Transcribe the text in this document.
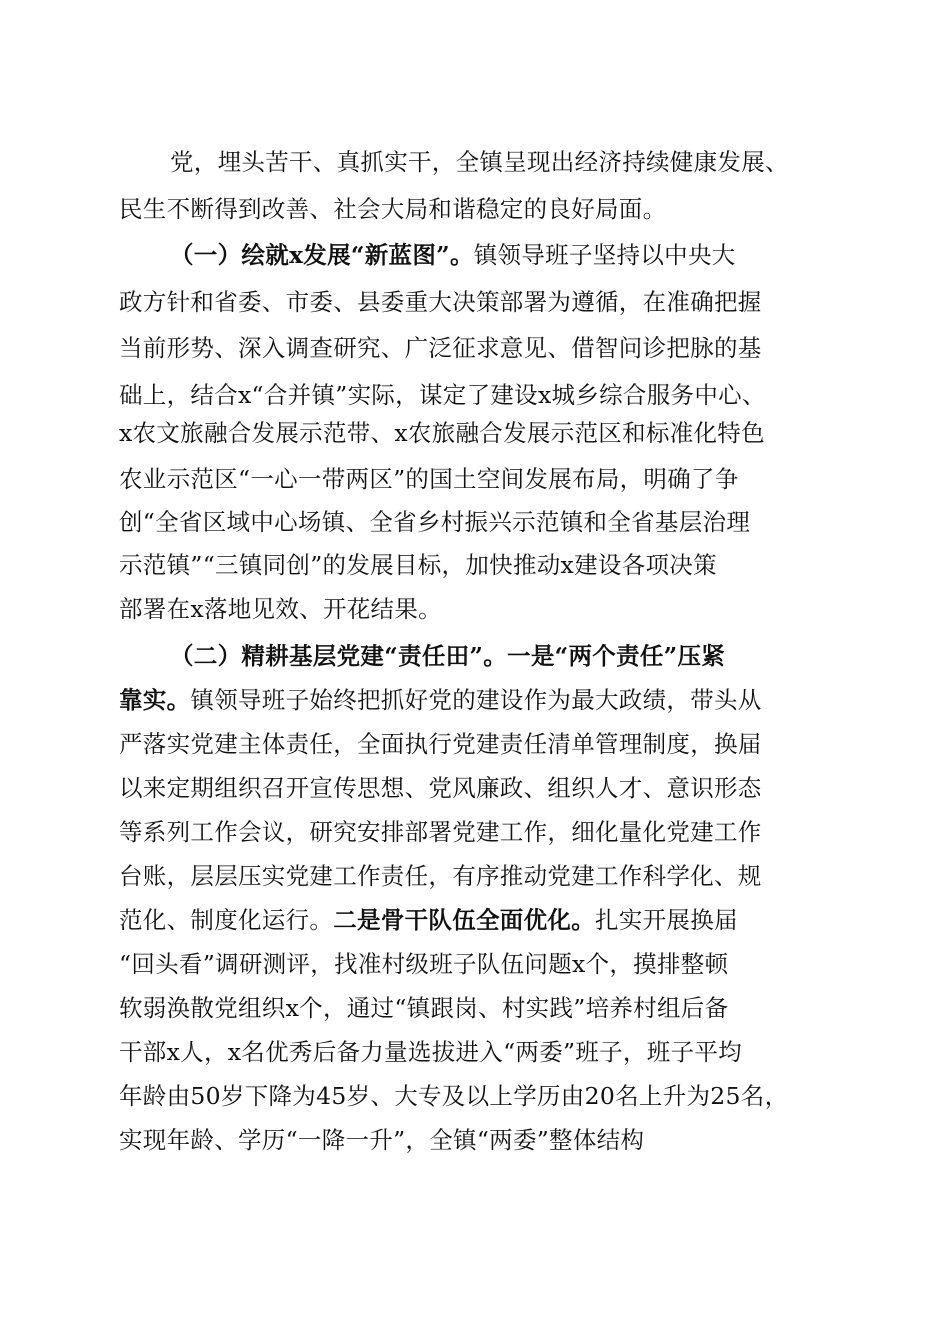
党，埋头苦干、真抓实干，全镇呈现出经济持续健康发展、
民生不断得到改善、社会大局和谐稳定的良好局面。
（一）绘就x发展“新蓝图”。镇领导班子坚持以中央大
政方针和省委、市委、县委重大决策部署为遵循，在准确把握
当前形势、深入调查研究、广泛征求意见、借智问诊把脉的基
础上，结合x“合并镇”实际，谋定了建设x城乡综合服务中心、
x农文旅融合发展示范带、x农旅融合发展示范区和标准化特色
农业示范区“一心一带两区”的国土空间发展布局，明确了争
创“全省区域中心场镇、全省乡村振兴示范镇和全省基层治理
示范镇”“三镇同创”的发展目标，加快推动x建设各项决策
部署在x落地见效、开花结果。
（二）精耕基层党建“责任田”。一是“两个责任”压紧
靠实。镇领导班子始终把抓好党的建设作为最大政绩，带头从
严落实党建主体责任，全面执行党建责任清单管理制度，换届
以来定期组织召开宣传思想、党风廉政、组织人才、意识形态
等系列工作会议，研究安排部署党建工作，细化量化党建工作
台账，层层压实党建工作责任，有序推动党建工作科学化、规
范化、制度化运行。二是骨干队伍全面优化。扎实开展换届
“回头看”调研测评，找准村级班子队伍问题x个，摸排整顿
软弱涣散党组织x个，通过“镇跟岗、村实践”培养村组后备
干部x人，x名优秀后备力量选拔进入“两委”班子，班子平均
年龄由50岁下降为45岁、大专及以上学历由20名上升为25名，
实现年龄、学历“一降一升”，全镇“两委”整体结构
